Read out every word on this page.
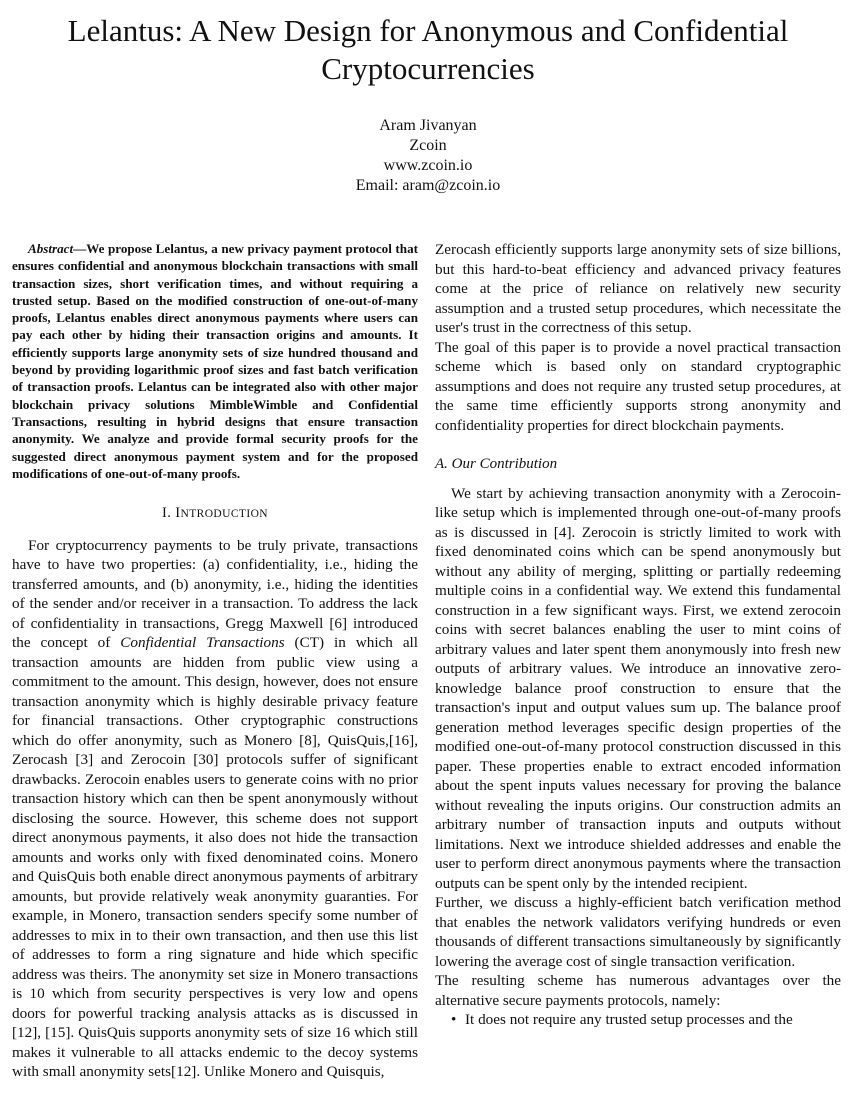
Lelantus: A New Design for Anonymous and Confidential Cryptocurrencies
Aram Jivanyan
Zcoin
www.zcoin.io
Email: aram@zcoin.io

Abstract—We propose Lelantus, a new privacy payment protocol that ensures confidential and anonymous blockchain transactions with small transaction sizes, short verification times, and without requiring a trusted setup. Based on the modified construction of one-out-of-many proofs, Lelantus enables direct anonymous payments where users can pay each other by hiding their transaction origins and amounts. It efficiently supports large anonymity sets of size hundred thousand and beyond by providing logarithmic proof sizes and fast batch verification of transaction proofs. Lelantus can be integrated also with other major blockchain privacy solutions MimbleWimble and Confidential Transactions, resulting in hybrid designs that ensure transaction anonymity. We analyze and provide formal security proofs for the suggested direct anonymous payment system and for the proposed modifications of one-out-of-many proofs.

I. INTRODUCTION

For cryptocurrency payments to be truly private, transactions have to have two properties: (a) confidentiality, i.e., hiding the transferred amounts, and (b) anonymity, i.e., hiding the identities of the sender and/or receiver in a transaction. To address the lack of confidentiality in transactions, Gregg Maxwell [6] introduced the concept of Confidential Transactions (CT) in which all transaction amounts are hidden from public view using a commitment to the amount. This design, however, does not ensure transaction anonymity which is highly desirable privacy feature for financial transactions. Other cryptographic constructions which do offer anonymity, such as Monero [8], QuisQuis,[16], Zerocash [3] and Zerocoin [30] protocols suffer of significant drawbacks. Zerocoin enables users to generate coins with no prior transaction history which can then be spent anonymously without disclosing the source. However, this scheme does not support direct anonymous payments, it also does not hide the transaction amounts and works only with fixed denominated coins. Monero and QuisQuis both enable direct anonymous payments of arbitrary amounts, but provide relatively weak anonymity guaranties. For example, in Monero, transaction senders specify some number of addresses to mix in to their own transaction, and then use this list of addresses to form a ring signature and hide which specific address was theirs. The anonymity set size in Monero transactions is 10 which from security perspectives is very low and opens doors for powerful tracking analysis attacks as is discussed in [12], [15]. QuisQuis supports anonymity sets of size 16 which still makes it vulnerable to all attacks endemic to the decoy systems with small anonymity sets[12]. Unlike Monero and Quisquis,

Zerocash efficiently supports large anonymity sets of size billions, but this hard-to-beat efficiency and advanced privacy features come at the price of reliance on relatively new security assumption and a trusted setup procedures, which necessitate the user's trust in the correctness of this setup.

The goal of this paper is to provide a novel practical transaction scheme which is based only on standard cryptographic assumptions and does not require any trusted setup procedures, at the same time efficiently supports strong anonymity and confidentiality properties for direct blockchain payments.

A. Our Contribution

We start by achieving transaction anonymity with a Zerocoin-like setup which is implemented through one-out-of-many proofs as is discussed in [4]. Zerocoin is strictly limited to work with fixed denominated coins which can be spend anonymously but without any ability of merging, splitting or partially redeeming multiple coins in a confidential way. We extend this fundamental construction in a few significant ways. First, we extend zerocoin coins with secret balances enabling the user to mint coins of arbitrary values and later spent them anonymously into fresh new outputs of arbitrary values. We introduce an innovative zero-knowledge balance proof construction to ensure that the transaction's input and output values sum up. The balance proof generation method leverages specific design properties of the modified one-out-of-many protocol construction discussed in this paper. These properties enable to extract encoded information about the spent inputs values necessary for proving the balance without revealing the inputs origins. Our construction admits an arbitrary number of transaction inputs and outputs without limitations. Next we introduce shielded addresses and enable the user to perform direct anonymous payments where the transaction outputs can be spent only by the intended recipient.

Further, we discuss a highly-efficient batch verification method that enables the network validators verifying hundreds or even thousands of different transactions simultaneously by significantly lowering the average cost of single transaction verification.

The resulting scheme has numerous advantages over the alternative secure payments protocols, namely:

• It does not require any trusted setup processes and the
